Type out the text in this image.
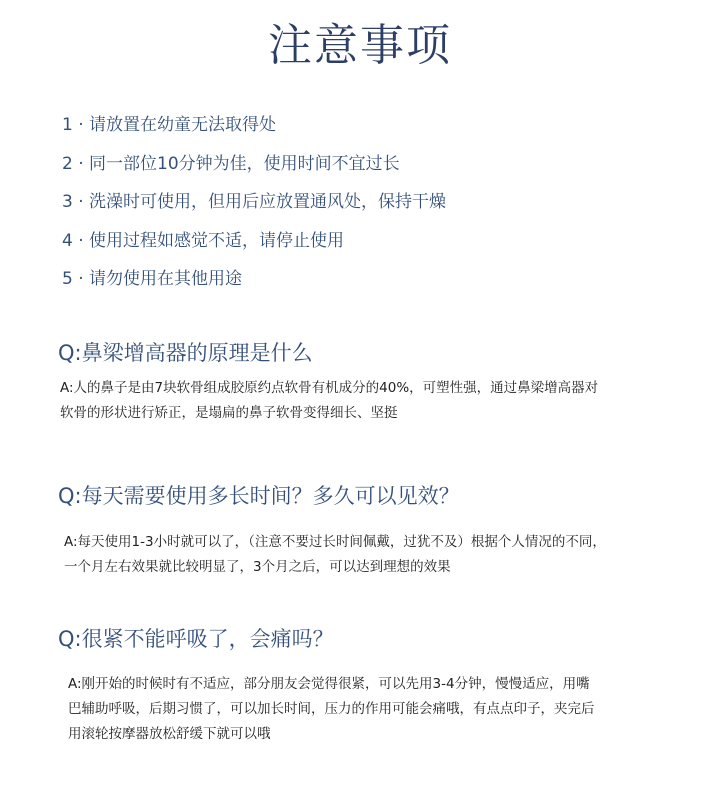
注意事项
1 · 请放置在幼童无法取得处
2 · 同一部位10分钟为佳，使用时间不宜过长
3 · 洗澡时可使用，但用后应放置通风处，保持干燥
4 · 使用过程如感觉不适，请停止使用
5 · 请勿使用在其他用途
Q:鼻梁增高器的原理是什么
A:人的鼻子是由7块软骨组成胶原约点软骨有机成分的40%，可塑性强，通过鼻梁增高器对
软骨的形状进行矫正，是塌扁的鼻子软骨变得细长、坚挺
Q:每天需要使用多长时间？多久可以见效？
A:每天使用1-3小时就可以了，（注意不要过长时间佩戴，过犹不及）根据个人情况的不同，
一个月左右效果就比较明显了，3个月之后，可以达到理想的效果
Q:很紧不能呼吸了，会痛吗？
A:刚开始的时候时有不适应，部分朋友会觉得很紧，可以先用3-4分钟，慢慢适应，用嘴
巴辅助呼吸，后期习惯了，可以加长时间，压力的作用可能会痛哦，有点点印子，夹完后
用滚轮按摩器放松舒缓下就可以哦
